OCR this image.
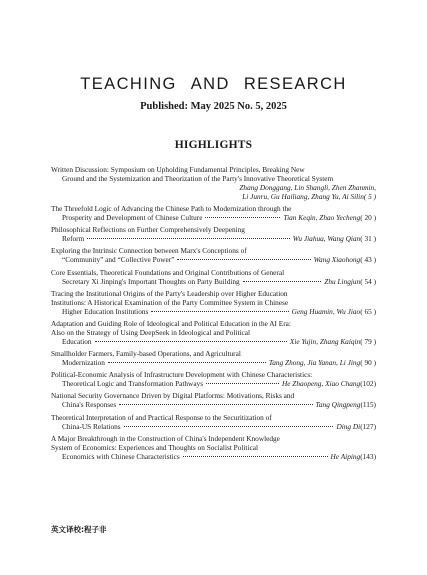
TEACHING AND RESEARCH
Published: May 2025 No. 5, 2025
HIGHLIGHTS
Written Discussion: Symposium on Upholding Fundamental Principles, Breaking New
Ground and the Systemization and Theorization of the Party's Innovative Theoretical System
Zhang Donggang, Lin Shangli, Zhen Zhanmin,
Li Junru, Gu Hailiang, Zhang Yu, Ai Silin( 5 )
The Threefold Logic of Advancing the Chinese Path to Modernization through the
Prosperity and Development of Chinese Culture	Tian Keqin, Zhao Yecheng( 20 )
Philosophical Reflections on Further Comprehensively Deepening
Reform	Wu Jiahua, Wang Qian( 31 )
Exploring the Intrinsic Connection between Marx's Conceptions of
“Community” and “Collective Power”	Wang Xiaohong( 43 )
Core Essentials, Theoretical Foundations and Original Contributions of General
Secretary Xi Jinping's Important Thoughts on Party Building	Zhu Lingjun( 54 )
Tracing the Institutional Origins of the Party's Leadership over Higher Education
Institutions: A Historical Examination of the Party Committee System in Chinese
Higher Education Institutions	Geng Huamin, Wu Jiao( 65 )
Adaptation and Guiding Role of Ideological and Political Education in the AI Era:
Also on the Strategy of Using DeepSeek in Ideological and Political
Education	Xie Yujin, Zhang Kaiqin( 79 )
Smallholder Farmers, Family-based Operations, and Agricultural
Modernization	Tang Zhong, Jia Yanan, Li Jing( 90 )
Political-Economic Analysis of Infrastructure Development with Chinese Characteristics:
Theoretical Logic and Transformation Pathways	He Zhaopeng, Xiao Chang(102)
National Security Governance Driven by Digital Platforms: Motivations, Risks and
China's Responses	Tang Qingpeng(115)
Theoretical Interpretation of and Practical Response to the Securitization of
China-US Relations	Ding Di(127)
A Major Breakthrough in the Construction of China's Independent Knowledge
System of Economics: Experiences and Thoughts on Socialist Political
Economics with Chinese Characteristics	He Aiping(143)
英文译校:程子非
